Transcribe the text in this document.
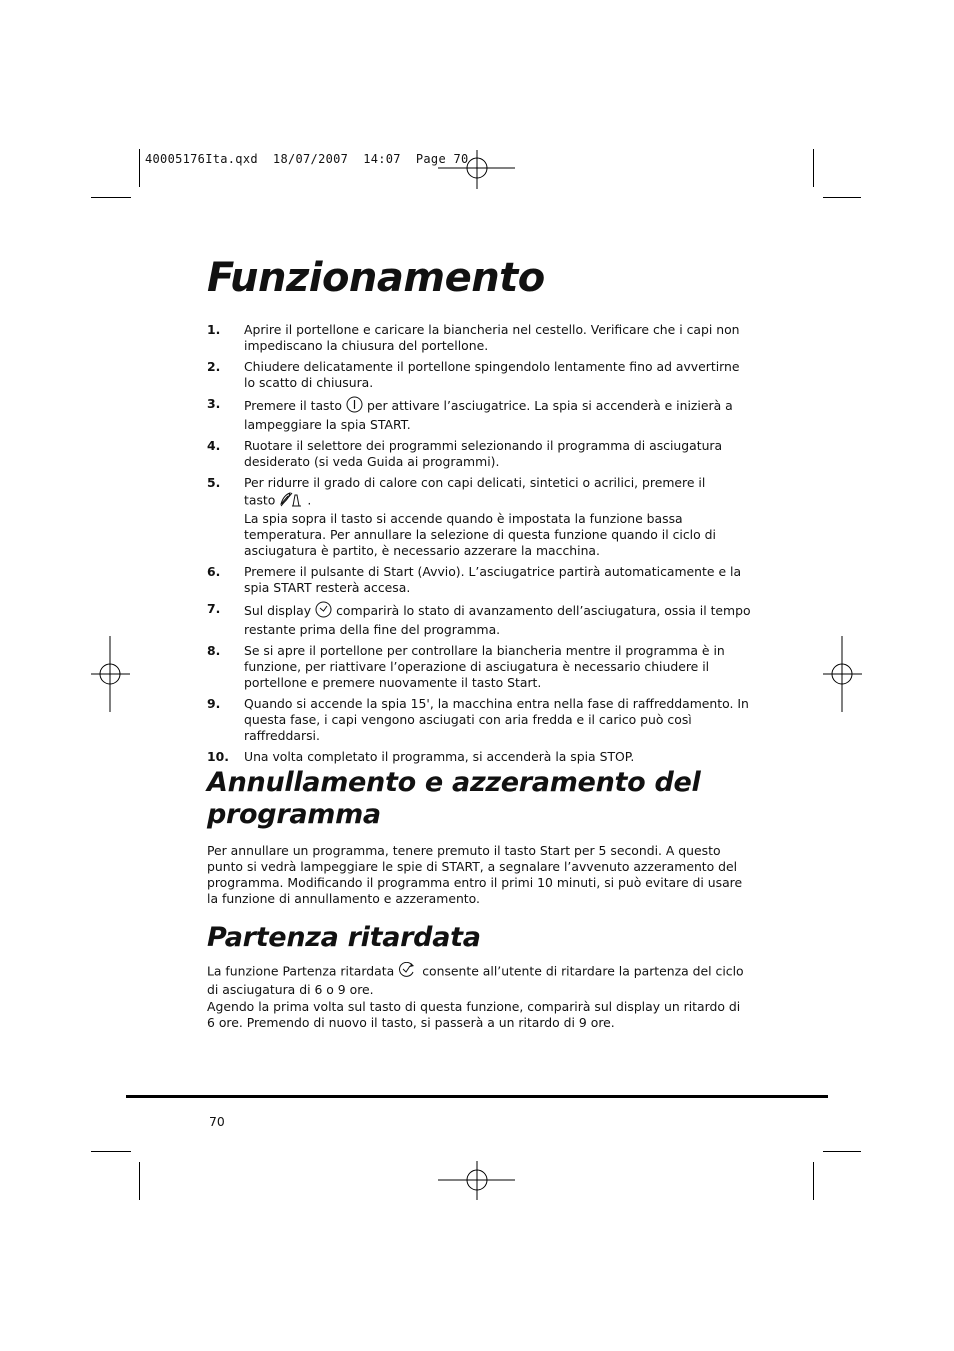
40005176Ita.qxd  18/07/2007  14:07  Page 70
Funzionamento
1. Aprire il portellone e caricare la biancheria nel cestello. Verificare che i capi non impediscano la chiusura del portellone.
2. Chiudere delicatamente il portellone spingendolo lentamente fino ad avvertirne lo scatto di chiusura.
3. Premere il tasto per attivare l’asciugatrice. La spia si accenderà e inizierà a lampeggiare la spia START.
4. Ruotare il selettore dei programmi selezionando il programma di asciugatura desiderato (si veda Guida ai programmi).
5. Per ridurre il grado di calore con capi delicati, sintetici o acrilici, premere il
tasto	.
La spia sopra il tasto si accende quando è impostata la funzione bassa temperatura. Per annullare la selezione di questa funzione quando il ciclo di asciugatura è partito, è necessario azzerare la macchina.
6. Premere il pulsante di Start (Avvio). L’asciugatrice partirà automaticamente e la spia START resterà accesa.
7. Sul display comparirà lo stato di avanzamento dell’asciugatura, ossia il tempo restante prima della fine del programma.
8. Se si apre il portellone per controllare la biancheria mentre il programma è in funzione, per riattivare l’operazione di asciugatura è necessario chiudere il portellone e premere nuovamente il tasto Start.
9. Quando si accende la spia 15', la macchina entra nella fase di raffreddamento. In questa fase, i capi vengono asciugati con aria fredda e il carico può così raffreddarsi.
10. Una volta completato il programma, si accenderà la spia STOP.
Annullamento e azzeramento del programma

Per annullare un programma, tenere premuto il tasto Start per 5 secondi. A questo punto si vedrà lampeggiare le spie di START, a segnalare l’avvenuto azzeramento del programma. Modificando il programma entro il primi 10 minuti, si può evitare di usare la funzione di annullamento e azzeramento.

Partenza ritardata

La funzione Partenza ritardata consente all’utente di ritardare la partenza del ciclo di asciugatura di 6 o 9 ore.

Agendo la prima volta sul tasto di questa funzione, comparirà sul display un ritardo di 6 ore. Premendo di nuovo il tasto, si passerà a un ritardo di 9 ore.

70
